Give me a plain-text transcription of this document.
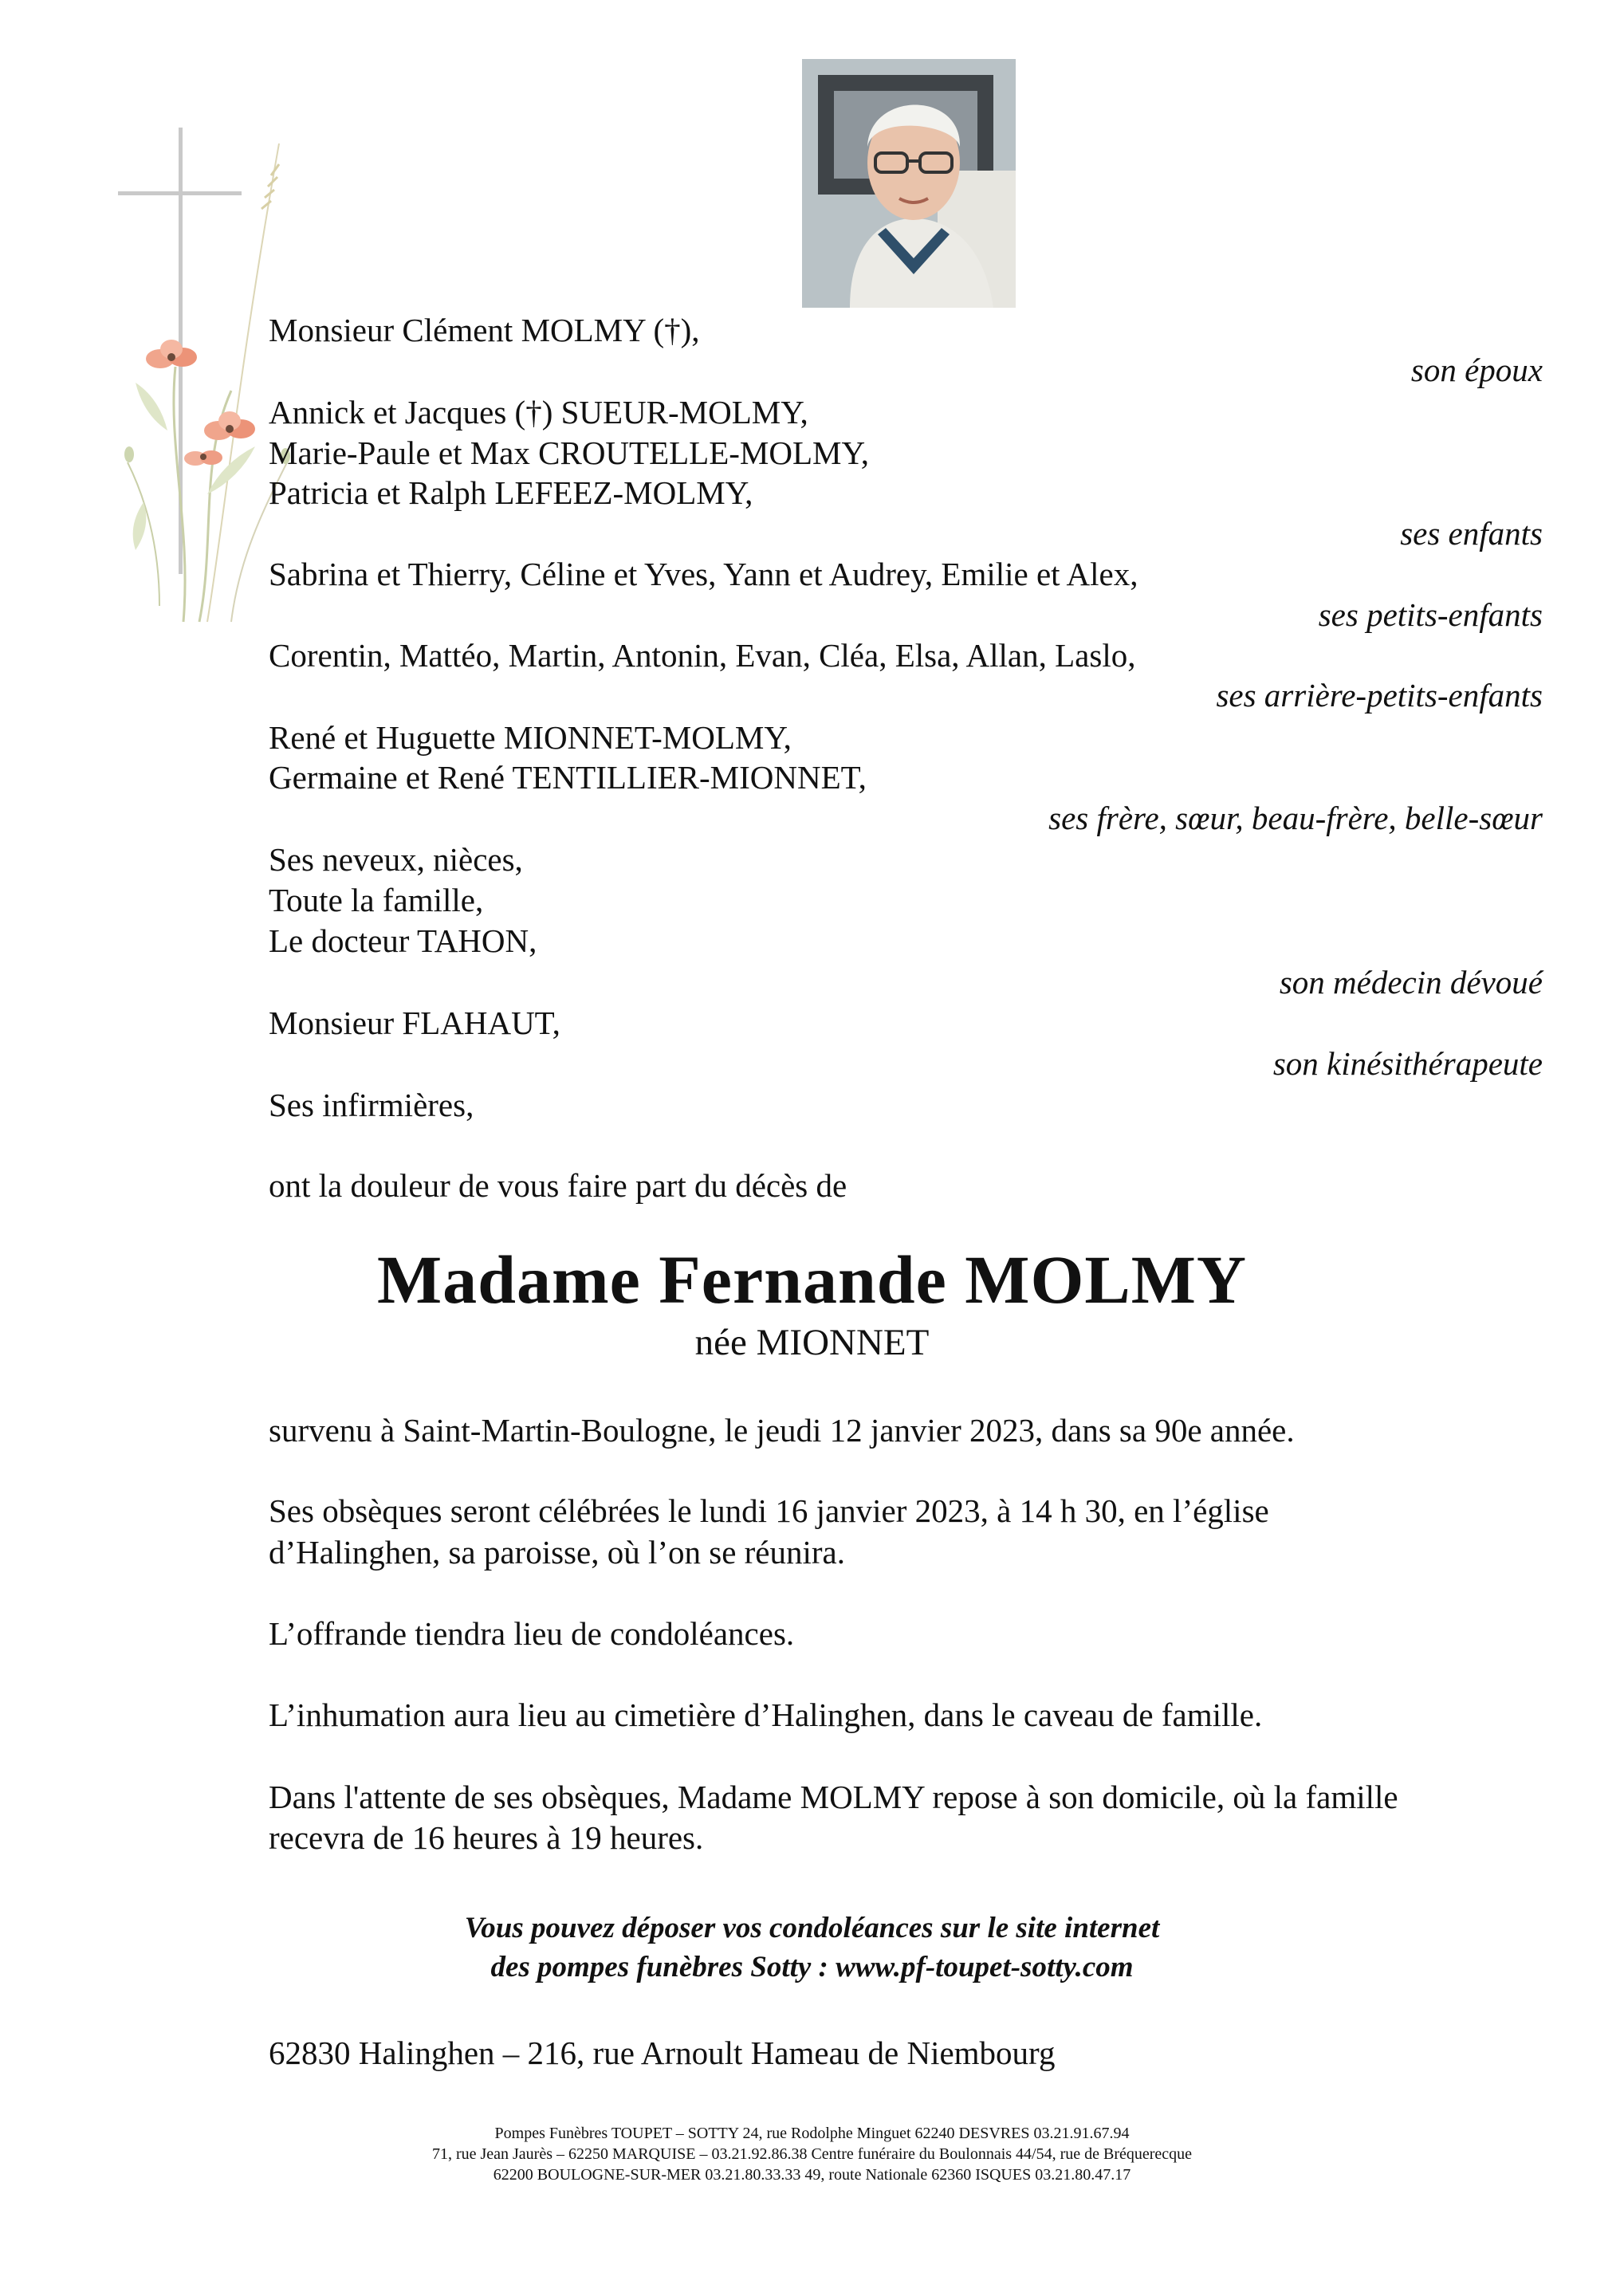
Monsieur Clément MOLMY (†),
son époux
Annick et Jacques (†) SUEUR-MOLMY,
Marie-Paule et Max CROUTELLE-MOLMY,
Patricia et Ralph LEFEEZ-MOLMY,
ses enfants
Sabrina et Thierry, Céline et Yves, Yann et Audrey, Emilie et Alex,
ses petits-enfants
Corentin, Mattéo, Martin, Antonin, Evan, Cléa, Elsa, Allan, Laslo,
ses arrière-petits-enfants
René et Huguette MIONNET-MOLMY,
Germaine et René TENTILLIER-MIONNET,
ses frère, sœur, beau-frère, belle-sœur
Ses neveux, nièces,
Toute la famille,
Le docteur TAHON,
son médecin dévoué
Monsieur FLAHAUT,
son kinésithérapeute
Ses infirmières,
ont la douleur de vous faire part du décès de
Madame Fernande MOLMY
née MIONNET
survenu à Saint-Martin-Boulogne, le jeudi 12 janvier 2023, dans sa 90e année.
Ses obsèques seront célébrées le lundi 16 janvier 2023, à 14 h 30, en l’église
d’Halinghen, sa paroisse, où l’on se réunira.
L’offrande tiendra lieu de condoléances.
L’inhumation aura lieu au cimetière d’Halinghen, dans le caveau de famille.
Dans l'attente de ses obsèques, Madame MOLMY repose à son domicile, où la famille
recevra de 16 heures à 19 heures.
Vous pouvez déposer vos condoléances sur le site internet
des pompes funèbres Sotty : www.pf-toupet-sotty.com
62830 Halinghen – 216, rue Arnoult Hameau de Niembourg
Pompes Funèbres TOUPET – SOTTY 24, rue Rodolphe Minguet 62240 DESVRES 03.21.91.67.94
71, rue Jean Jaurès – 62250 MARQUISE – 03.21.92.86.38 Centre funéraire du Boulonnais 44/54, rue de Bréquerecque
62200 BOULOGNE-SUR-MER 03.21.80.33.33 49, route Nationale 62360 ISQUES 03.21.80.47.17
